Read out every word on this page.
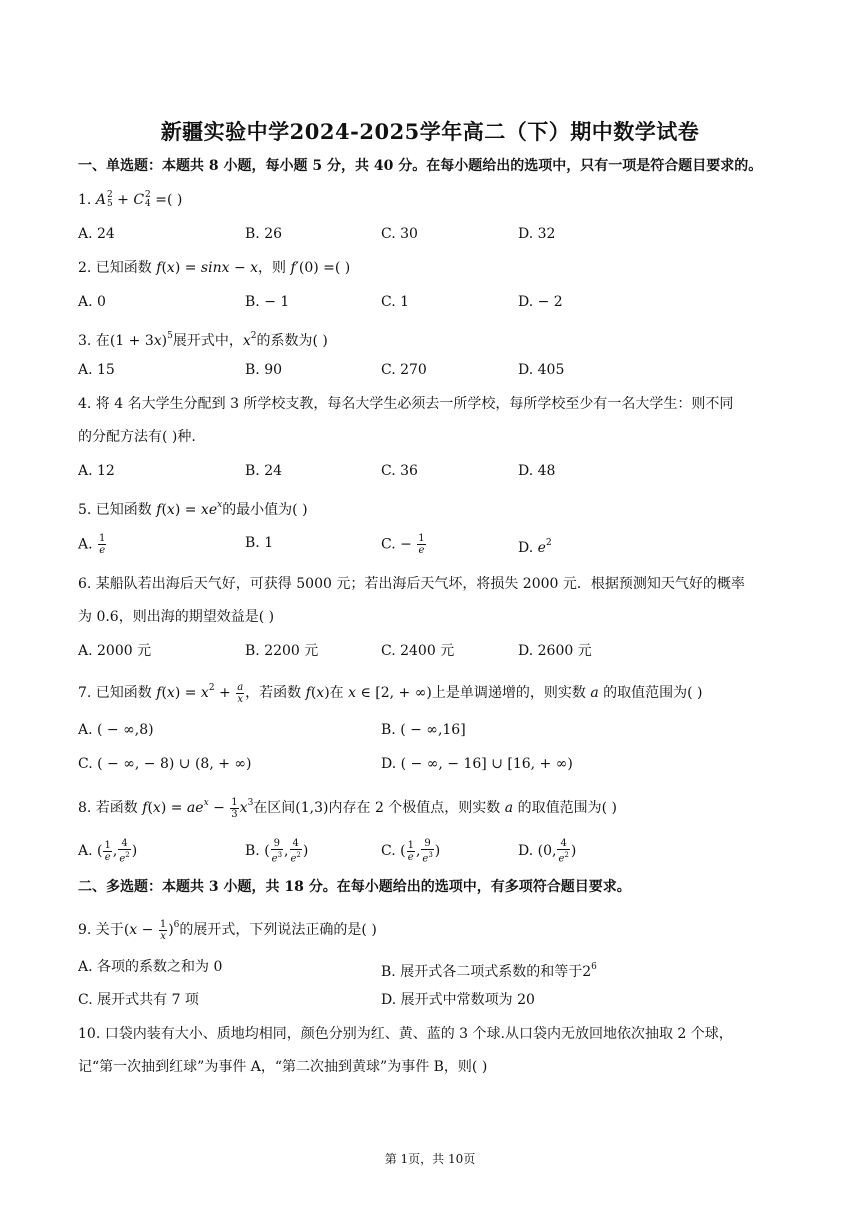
新疆实验中学2024-2025学年高二（下）期中数学试卷
一、单选题：本题共 8 小题，每小题 5 分，共 40 分。在每小题给出的选项中，只有一项是符合题目要求的。
1. A 2
5 + C 2
4 =( )
A. 24	B. 26	C. 30	D. 32
2. 已知函数 f(x) = sinx − x，则 f′(0) =( )
A. 0	B. − 1	C. 1	D. − 2
3. 在$(1 + 3x)^5$展开式中，$x^2$的系数为( )
A. 15	B. 90	C. 270	D. 405
4. 将 4 名大学生分配到 3 所学校支教，每名大学生必须去一所学校，每所学校至少有一名大学生：则不同
的分配方法有( )种.
A. 12	B. 24	C. 36	D. 48
5. 已知函数 $f(x) = xe^x$的最小值为( )
A. $\frac{1}{e}$	B. 1	C. − $\frac{1}{e}$	D. $e^2$
6. 某船队若出海后天气好，可获得 5000 元；若出海后天气坏，将损失 2000 元．根据预测知天气好的概率
为 0.6，则出海的期望效益是( )
A. 2000 元	B. 2200 元	C. 2400 元	D. 2600 元
7. 已知函数 $f(x) = x^2 + \frac{a}{x}$ ，若函数 f(x)在 x ∈ [2, + ∞)上是单调递增的，则实数 a 的取值范围为( )
A. ( − ∞,8)	B. ( − ∞,16]
C. ( − ∞, − 8) ∪ (8, + ∞)	D. ( − ∞, − 16] ∪ [16, + ∞)
8. 若函数 $f(x) = ae^x - \frac{1}{3} x^3$在区间(1,3)内存在 2 个极值点，则实数 a 的取值范围为( )
A. ( $\frac{1}{e}$ , $\frac{4}{e^2}$ )	B. ( $\frac{9}{e^3}$ , $\frac{4}{e^2}$ )	C. ( $\frac{1}{e}$ , $\frac{9}{e^3}$ )	D. (0, $\frac{4}{e^2}$ )
二、多选题：本题共 3 小题，共 18 分。在每小题给出的选项中，有多项符合题目要求。
9. 关于$(x - \frac{1}{x} )^6$的展开式，下列说法正确的是( )
A. 各项的系数之和为 0	B. 展开式各二项式系数的和等于$2^6$
C. 展开式共有 7 项	D. 展开式中常数项为 20
10. 口袋内装有大小、质地均相同，颜色分别为红、黄、蓝的 3 个球.从口袋内无放回地依次抽取 2 个球，
记“第一次抽到红球”为事件 A，“第二次抽到黄球”为事件 B，则( )
第 1页，共 10页
